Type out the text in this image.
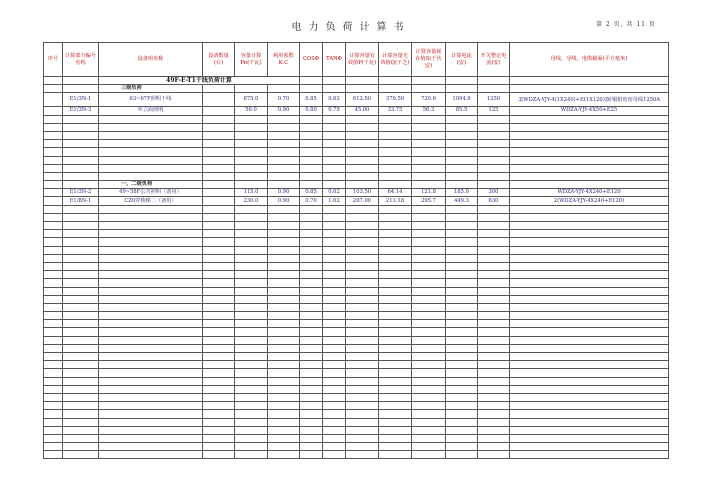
电力负荷计算书	第 2 页, 共 11 页
序号	计算部分编号名称	设备组名称	设备数量(台)	容量计算Pn(千瓦)	利用系数K.C	COSΦ	TANΦ	计算容量有效值P(千瓦)	计算容量无效值Q(千乏)	计算容量视在值S(千伏安)	计算电流(安)	开关整定电流(安)	母线、导线、电缆截面(平方毫米)
		49F-E-T1干线负荷计算											
		三级负荷											
	E1/3N-1	63~67F照明干线		875.0	0.70	0.85	0.62	612.50	379.59	720.6	1094.9	1250	3[WDZA-YJY-4(1X240)+E(1X120)]转铜相密密母线1250A
	E1/3N-3	外立面照明		50.0	0.90	0.80	0.75	45.00	33.75	56.3	85.5	125	WDZA-YJY-4X50+E25

		一、二级负荷											
	E1/3N-2	49~58F公共照明（备用）		115.0	0.90	0.85	0.62	103.50	64.14	121.8	185.0	300	WDZA-YJY-4X240+E120
	E1/8N-1	CZ0穿梭梯二（备用）		230.0	0.90	0.70	1.02	207.00	211.18	295.7	449.3	630	2(WDZA-YJY-4X240+E120)
